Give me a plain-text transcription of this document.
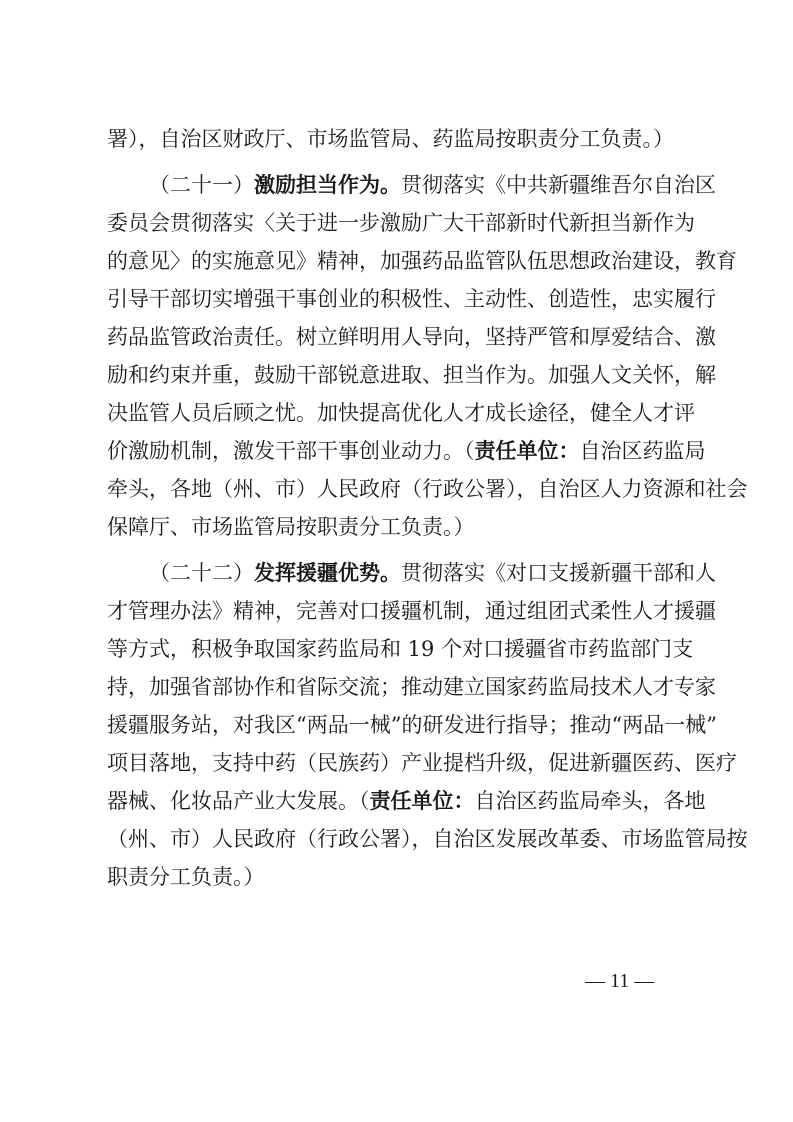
署），自治区财政厅、市场监管局、药监局按职责分工负责。）
（二十一）激励担当作为。贯彻落实《中共新疆维吾尔自治区
委员会贯彻落实〈关于进一步激励广大干部新时代新担当新作为
的意见〉的实施意见》精神，加强药品监管队伍思想政治建设，教育
引导干部切实增强干事创业的积极性、主动性、创造性，忠实履行
药品监管政治责任。树立鲜明用人导向，坚持严管和厚爱结合、激
励和约束并重，鼓励干部锐意进取、担当作为。加强人文关怀，解
决监管人员后顾之忧。加快提高优化人才成长途径，健全人才评
价激励机制，激发干部干事创业动力。（责任单位：自治区药监局
牵头，各地（州、市）人民政府（行政公署），自治区人力资源和社会
保障厅、市场监管局按职责分工负责。）
（二十二）发挥援疆优势。贯彻落实《对口支援新疆干部和人
才管理办法》精神，完善对口援疆机制，通过组团式柔性人才援疆
等方式，积极争取国家药监局和 19 个对口援疆省市药监部门支
持，加强省部协作和省际交流；推动建立国家药监局技术人才专家
援疆服务站，对我区“两品一械”的研发进行指导；推动“两品一械”
项目落地，支持中药（民族药）产业提档升级，促进新疆医药、医疗
器械、化妆品产业大发展。（责任单位：自治区药监局牵头，各地
（州、市）人民政府（行政公署），自治区发展改革委、市场监管局按
职责分工负责。）
— 11 —
